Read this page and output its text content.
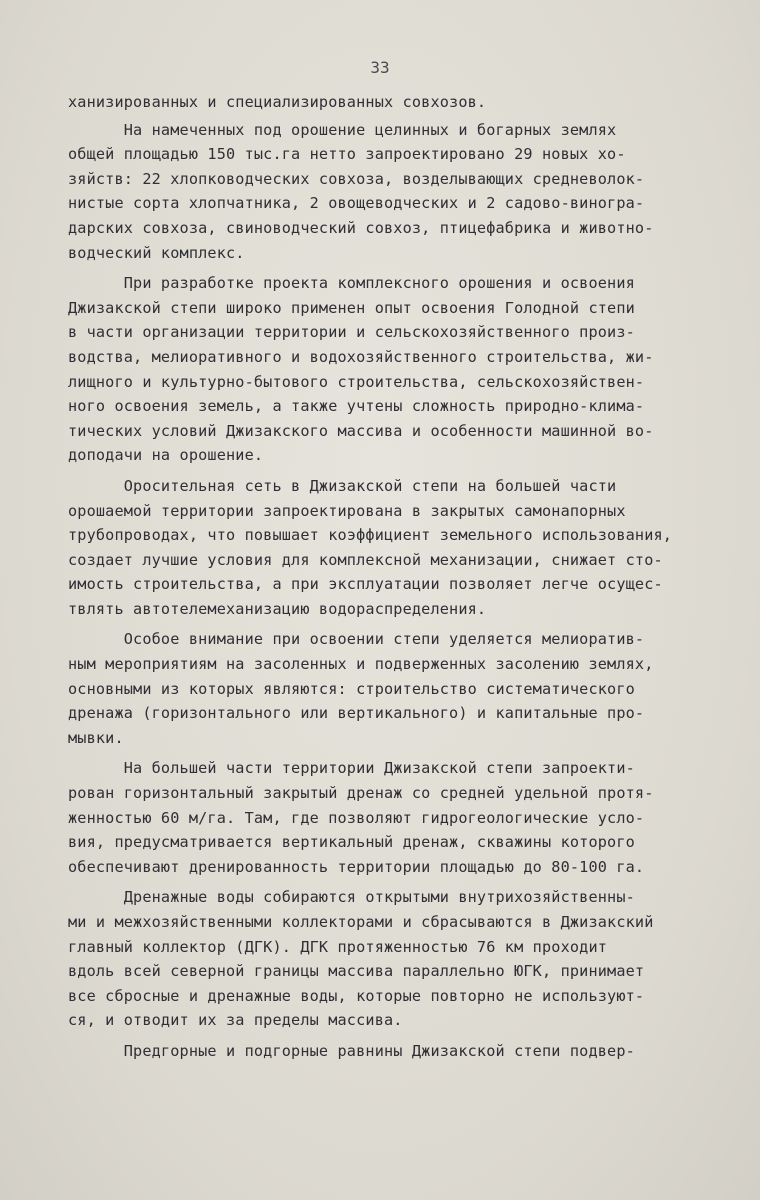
33
ханизированных и специализированных совхозов.
На намеченных под орошение целинных и богарных землях
общей площадью 150 тыс.га нетто запроектировано 29 новых хо-
зяйств: 22 хлопководческих совхоза, возделывающих средневолок-
нистые сорта хлопчатника, 2 овощеводческих и 2 садово-виногра-
дарских совхоза, свиноводческий совхоз, птицефабрика и животно-
водческий комплекс.
При разработке проекта комплексного орошения и освоения
Джизакской степи широко применен опыт освоения Голодной степи
в части организации территории и сельскохозяйственного произ-
водства, мелиоративного и водохозяйственного строительства, жи-
лищного и культурно-бытового строительства, сельскохозяйствен-
ного освоения земель, а также учтены сложность природно-клима-
тических условий Джизакского массива и особенности машинной во-
доподачи на орошение.
Оросительная сеть в Джизакской степи на большей части
орошаемой территории запроектирована в закрытых самонапорных
трубопроводах, что повышает коэффициент земельного использования,
создает лучшие условия для комплексной механизации, снижает сто-
имость строительства, а при эксплуатации позволяет легче осущес-
твлять автотелемеханизацию водораспределения.
Особое внимание при освоении степи уделяется мелиоратив-
ным мероприятиям на засоленных и подверженных засолению землях,
основными из которых являются: строительство систематического
дренажа (горизонтального или вертикального) и капитальные про-
мывки.
На большей части территории Джизакской степи запроекти-
рован горизонтальный закрытый дренаж со средней удельной протя-
женностью 60 м/га. Там, где позволяют гидрогеологические усло-
вия, предусматривается вертикальный дренаж, скважины которого
обеспечивают дренированность территории площадью до 80-100 га.
Дренажные воды собираются открытыми внутрихозяйственны-
ми и межхозяйственными коллекторами и сбрасываются в Джизакский
главный коллектор (ДГК). ДГК протяженностью 76 км проходит
вдоль всей северной границы массива параллельно ЮГК, принимает
все сбросные и дренажные воды, которые повторно не используют-
ся, и отводит их за пределы массива.
Предгорные и подгорные равнины Джизакской степи подвер-
